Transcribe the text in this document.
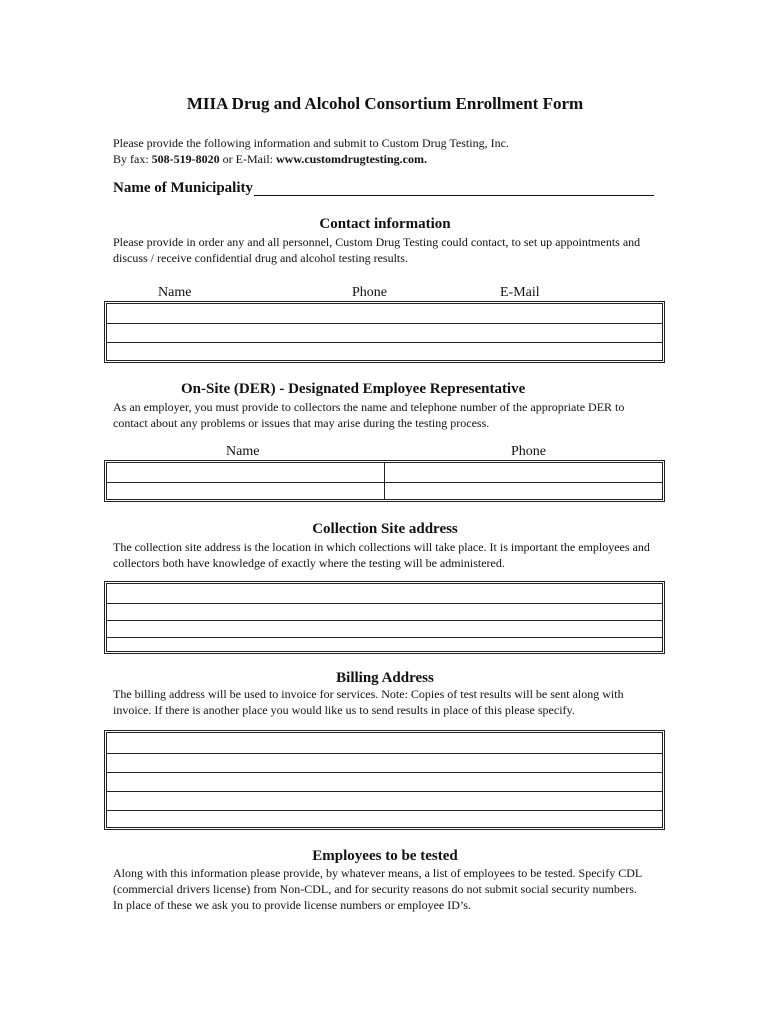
MIIA Drug and Alcohol Consortium Enrollment Form
Please provide the following information and submit to Custom Drug Testing, Inc.
By fax: 508-519-8020 or E-Mail: www.customdrugtesting.com.
Name of Municipality
Contact information
Please provide in order any and all personnel, Custom Drug Testing could contact, to set up appointments and discuss / receive confidential drug and alcohol testing results.
Name	Phone	E-Mail
On-Site (DER) - Designated Employee Representative
As an employer, you must provide to collectors the name and telephone number of the appropriate DER to contact about any problems or issues that may arise during the testing process.
Name	Phone
Collection Site address
The collection site address is the location in which collections will take place. It is important the employees and collectors both have knowledge of exactly where the testing will be administered.
Billing Address
The billing address will be used to invoice for services. Note: Copies of test results will be sent along with invoice. If there is another place you would like us to send results in place of this please specify.
Employees to be tested
Along with this information please provide, by whatever means, a list of employees to be tested. Specify CDL (commercial drivers license) from Non-CDL, and for security reasons do not submit social security numbers. In place of these we ask you to provide license numbers or employee ID’s.
